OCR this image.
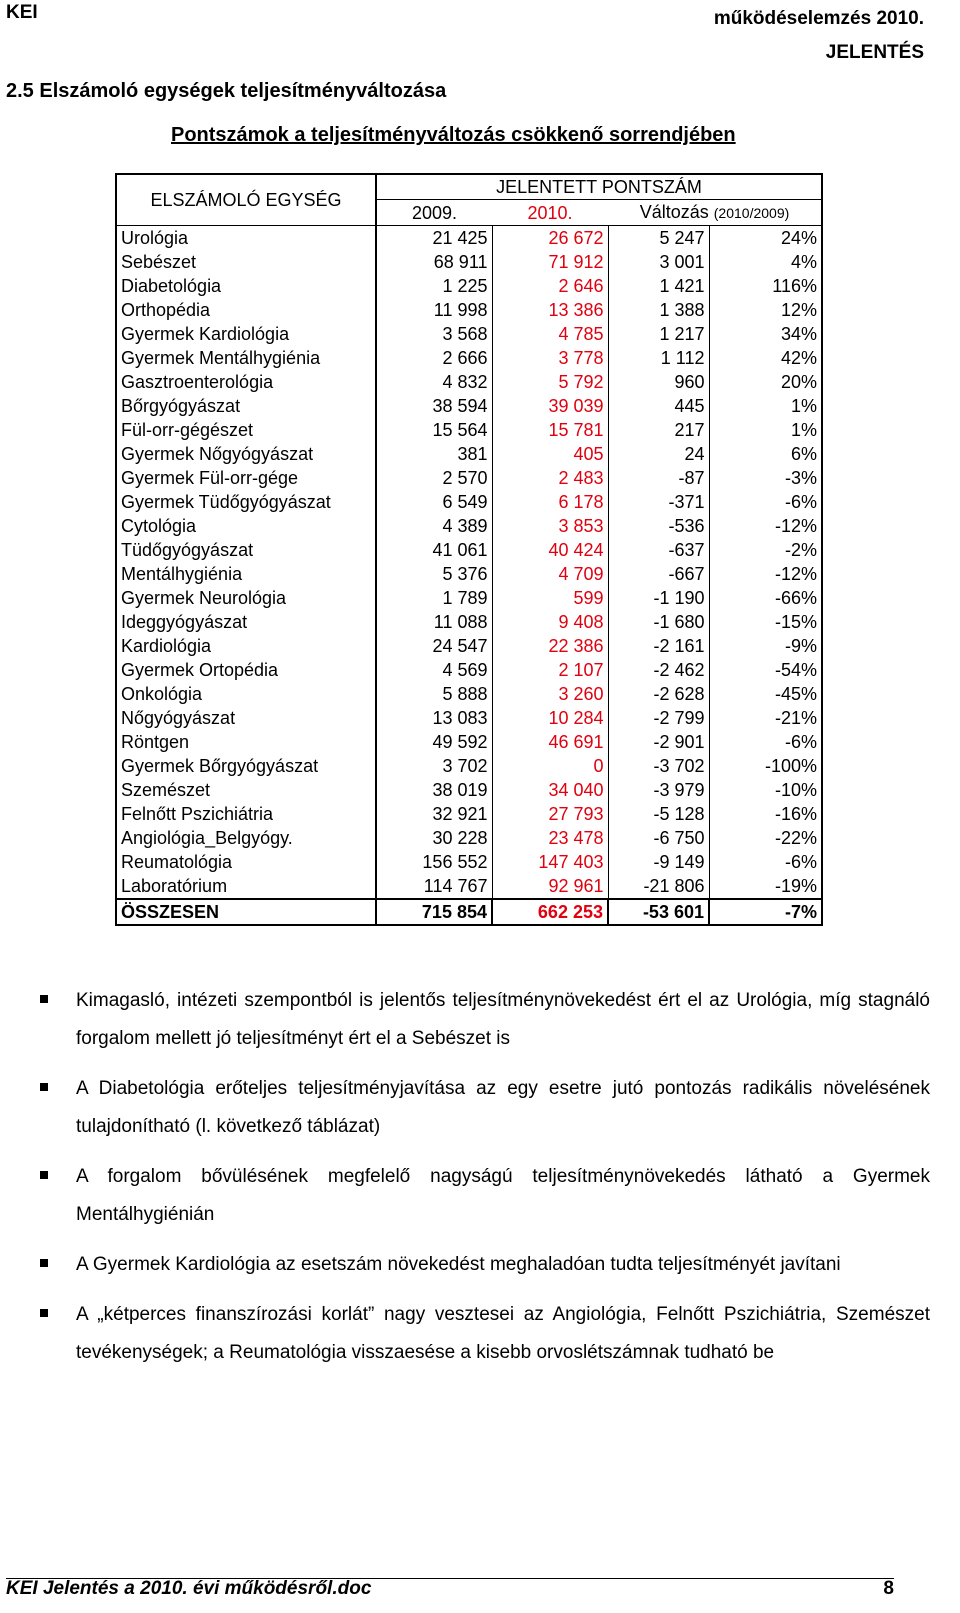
KEI	működéselemzés 2010.
JELENTÉS
2.5 Elszámoló egységek teljesítményváltozása
Pontszámok a teljesítményváltozás csökkenő sorrendjében
ELSZÁMOLÓ EGYSÉG	JELENTETT PONTSZÁM			
	2009.	2010.	Változás (2010/2009)	
Urológia	21 425	26 672	5 247	24%
Sebészet	68 911	71 912	3 001	4%
Diabetológia	1 225	2 646	1 421	116%
Orthopédia	11 998	13 386	1 388	12%
Gyermek Kardiológia	3 568	4 785	1 217	34%
Gyermek Mentálhygiénia	2 666	3 778	1 112	42%
Gasztroenterológia	4 832	5 792	960	20%
Bőrgyógyászat	38 594	39 039	445	1%
Fül-orr-gégészet	15 564	15 781	217	1%
Gyermek Nőgyógyászat	381	405	24	6%
Gyermek Fül-orr-gége	2 570	2 483	-87	-3%
Gyermek Tüdőgyógyászat	6 549	6 178	-371	-6%
Cytológia	4 389	3 853	-536	-12%
Tüdőgyógyászat	41 061	40 424	-637	-2%
Mentálhygiénia	5 376	4 709	-667	-12%
Gyermek Neurológia	1 789	599	-1 190	-66%
Ideggyógyászat	11 088	9 408	-1 680	-15%
Kardiológia	24 547	22 386	-2 161	-9%
Gyermek Ortopédia	4 569	2 107	-2 462	-54%
Onkológia	5 888	3 260	-2 628	-45%
Nőgyógyászat	13 083	10 284	-2 799	-21%
Röntgen	49 592	46 691	-2 901	-6%
Gyermek Bőrgyógyászat	3 702	0	-3 702	-100%
Szemészet	38 019	34 040	-3 979	-10%
Felnőtt Pszichiátria	32 921	27 793	-5 128	-16%
Angiológia_Belgyógy.	30 228	23 478	-6 750	-22%
Reumatológia	156 552	147 403	-9 149	-6%
Laboratórium	114 767	92 961	-21 806	-19%
ÖSSZESEN	715 854	662 253	-53 601	-7%
Kimagasló, intézeti szempontból is jelentős teljesítménynövekedést ért el az Urológia, míg stagnáló forgalom mellett jó teljesítményt ért el a Sebészet is
A Diabetológia erőteljes teljesítményjavítása az egy esetre jutó pontozás radikális növelésének tulajdonítható (l. következő táblázat)
A forgalom bővülésének megfelelő nagyságú teljesítménynövekedés látható a Gyermek Mentálhygiénián
A Gyermek Kardiológia az esetszám növekedést meghaladóan tudta teljesítményét javítani
A „kétperces finanszírozási korlát” nagy vesztesei az Angiológia, Felnőtt Pszichiátria, Szemészet tevékenységek; a Reumatológia visszaesése a kisebb orvoslétszámnak tudható be
KEI Jelentés a 2010. évi működésről.doc	8
